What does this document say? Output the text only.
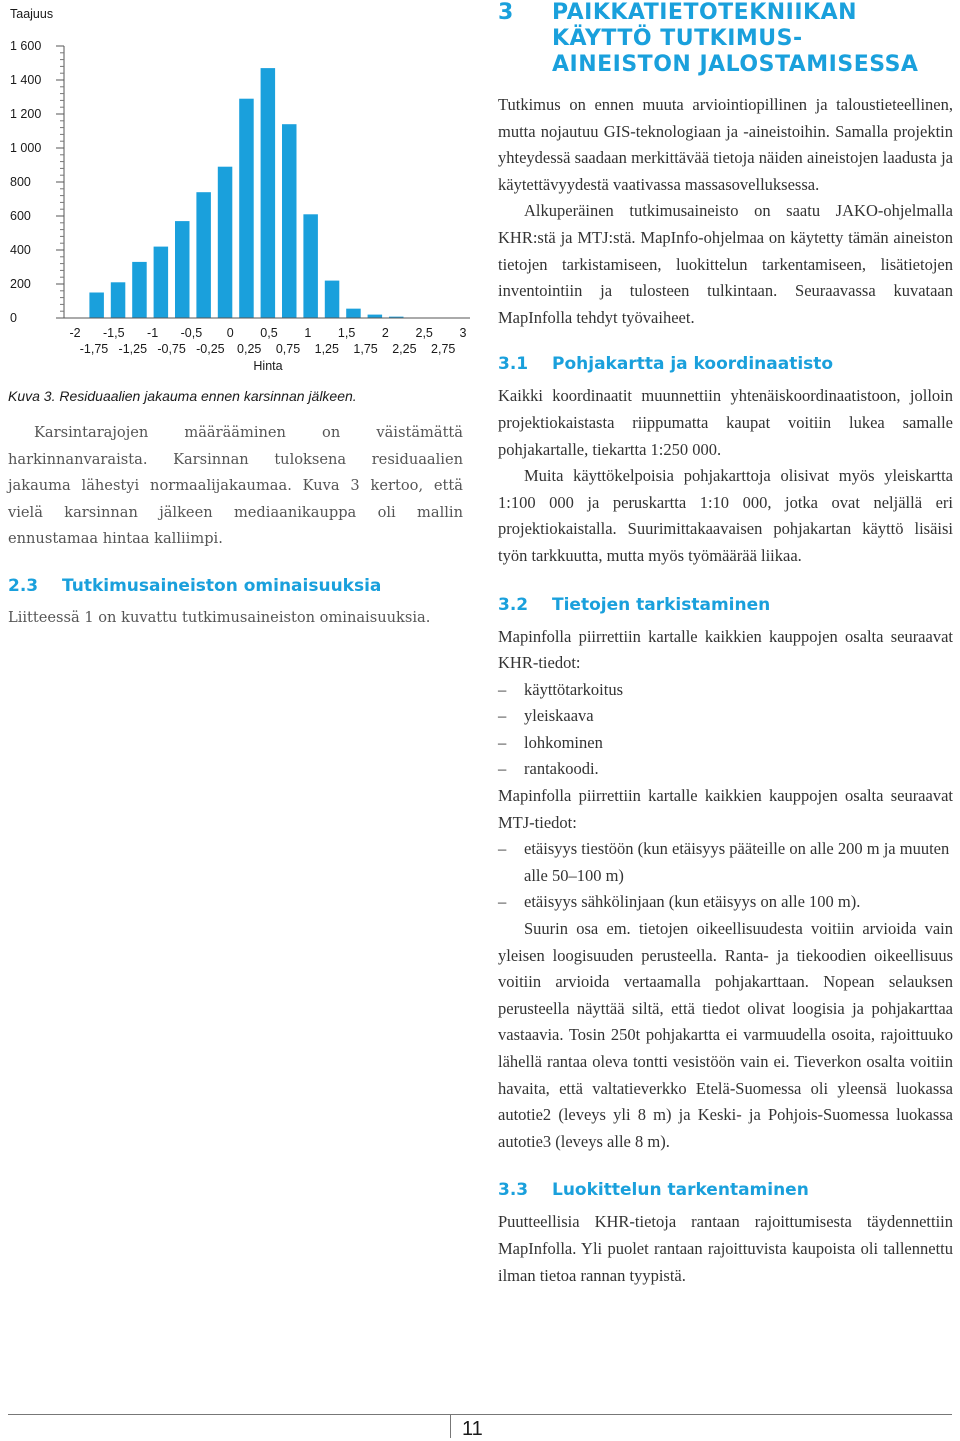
Taajuus
0
200
400
600
800
1 000
1 200
1 400
1 600
-2 -1,5 -1 -0,5 0 0,5 1 1,5 2 2,5 3
-1,75 -1,25 -0,75 -0,25 0,25 0,75 1,25 1,75 2,25 2,75
Hinta
Kuva 3. Residuaalien jakauma ennen karsinnan jälkeen.

Karsintarajojen määrääminen on väistämättä harkinnanvaraista. Karsinnan tuloksena residuaalien jakauma lähestyi normaalijakaumaa. Kuva 3 kertoo, että vielä karsinnan jälkeen mediaanikauppa oli mallin ennustamaa hintaa kalliimpi.

2.3 Tutkimusaineiston ominaisuuksia

Liitteessä 1 on kuvattu tutkimusaineiston ominaisuuksia.

3 PAIKKATIETOTEKNIIKAN
KÄYTTÖ TUTKIMUS-
AINEISTON JALOSTAMISESSA

Tutkimus on ennen muuta arviointiopillinen ja taloustieteellinen, mutta nojautuu GIS-teknologiaan ja -aineistoihin. Samalla projektin yhteydessä saadaan merkittävää tietoja näiden aineistojen laadusta ja käytettävyydestä vaativassa massasovelluksessa.

Alkuperäinen tutkimusaineisto on saatu JAKO-ohjelmalla KHR:stä ja MTJ:stä. MapInfo-ohjelmaa on käytetty tämän aineiston tietojen tarkistamiseen, luokittelun tarkentamiseen, lisätietojen inventointiin ja tulosteen tulkintaan. Seuraavassa kuvataan MapInfolla tehdyt työvaiheet.

3.1 Pohjakartta ja koordinaatisto

Kaikki koordinaatit muunnettiin yhtenäiskoordinaatistoon, jolloin projektiokaistasta riippumatta kaupat voitiin lukea samalle pohjakartalle, tiekartta 1:250 000.

Muita käyttökelpoisia pohjakarttoja olisivat myös yleiskartta 1:100 000 ja peruskartta 1:10 000, jotka ovat neljällä eri projektiokaistalla. Suurimittakaavaisen pohjakartan käyttö lisäisi työn tarkkuutta, mutta myös työmäärää liikaa.

3.2 Tietojen tarkistaminen

Mapinfolla piirrettiin kartalle kaikkien kauppojen osalta seuraavat KHR-tiedot:

– käyttötarkoitus
– yleiskaava
– lohkominen
– rantakoodi.

Mapinfolla piirrettiin kartalle kaikkien kauppojen osalta seuraavat MTJ-tiedot:

– etäisyys tiestöön (kun etäisyys pääteille on alle 200 m ja muuten alle 50–100 m)
– etäisyys sähkölinjaan (kun etäisyys on alle 100 m).

Suurin osa em. tietojen oikeellisuudesta voitiin arvioida vain yleisen loogisuuden perusteella. Ranta- ja tiekoodien oikeellisuus voitiin arvioida vertaamalla pohjakarttaan. Nopean selauksen perusteella näyttää siltä, että tiedot olivat loogisia ja pohjakarttaa vastaavia. Tosin 250t pohjakartta ei varmuudella osoita, rajoittuuko lähellä rantaa oleva tontti vesistöön vain ei. Tieverkon osalta voitiin havaita, että valtatieverkko Etelä-Suomessa oli yleensä luokassa autotie2 (leveys yli 8 m) ja Keski- ja Pohjois-Suomessa luokassa autotie3 (leveys alle 8 m).

3.3 Luokittelun tarkentaminen

Puutteellisia KHR-tietoja rantaan rajoittumisesta täydennettiin MapInfolla. Yli puolet rantaan rajoittuvista kaupoista oli tallennettu ilman tietoa rannan tyypistä.

11
